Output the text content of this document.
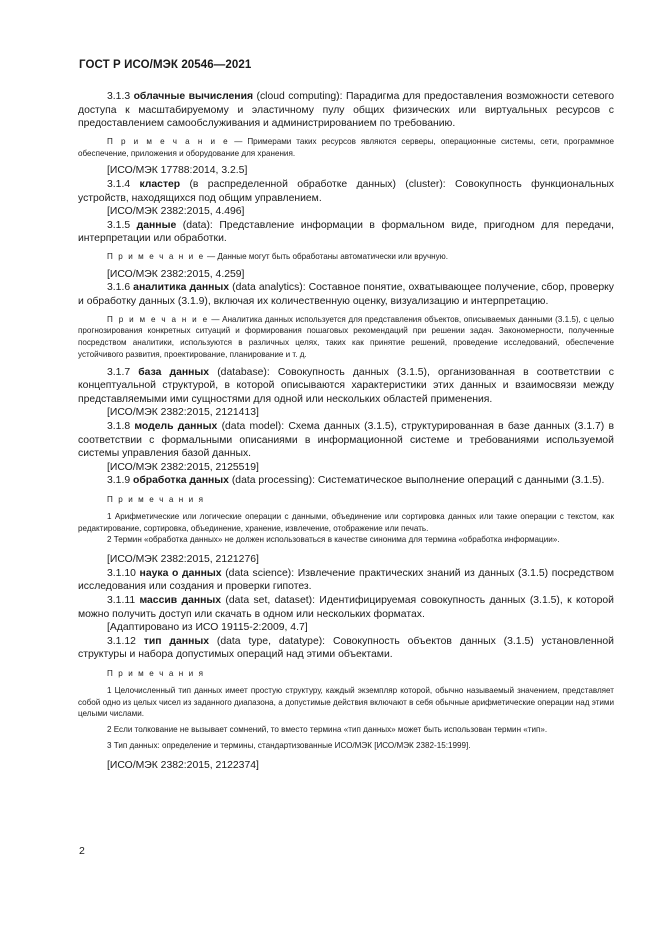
ГОСТ Р ИСО/МЭК 20546—2021

3.1.3 облачные вычисления (cloud computing): Парадигма для предоставления возможности сетевого доступа к масштабируемому и эластичному пулу общих физических или виртуальных ресурсов с предоставлением самообслуживания и администрированием по требованию.

П р и м е ч а н и е — Примерами таких ресурсов являются серверы, операционные системы, сети, программное обеспечение, приложения и оборудование для хранения.

[ИСО/МЭК 17788:2014, 3.2.5]

3.1.4 кластер (в распределенной обработке данных) (cluster): Совокупность функциональных устройств, находящихся под общим управлением.

[ИСО/МЭК 2382:2015, 4.496]

3.1.5 данные (data): Представление информации в формальном виде, пригодном для передачи, интерпретации или обработки.

П р и м е ч а н и е — Данные могут быть обработаны автоматически или вручную.

[ИСО/МЭК 2382:2015, 4.259]

3.1.6 аналитика данных (data analytics): Составное понятие, охватывающее получение, сбор, проверку и обработку данных (3.1.9), включая их количественную оценку, визуализацию и интерпретацию.

П р и м е ч а н и е — Аналитика данных используется для представления объектов, описываемых данными (3.1.5), с целью прогнозирования конкретных ситуаций и формирования пошаговых рекомендаций при решении задач. Закономерности, полученные посредством аналитики, используются в различных целях, таких как принятие решений, проведение исследований, обеспечение устойчивого развития, проектирование, планирование и т. д.

3.1.7 база данных (database): Совокупность данных (3.1.5), организованная в соответствии с концептуальной структурой, в которой описываются характеристики этих данных и взаимосвязи между представляемыми ими сущностями для одной или нескольких областей применения.

[ИСО/МЭК 2382:2015, 2121413]

3.1.8 модель данных (data model): Схема данных (3.1.5), структурированная в базе данных (3.1.7) в соответствии с формальными описаниями в информационной системе и требованиями используемой системы управления базой данных.

[ИСО/МЭК 2382:2015, 2125519]

3.1.9 обработка данных (data processing): Систематическое выполнение операций с данными (3.1.5).

П р и м е ч а н и я

1 Арифметические или логические операции с данными, объединение или сортировка данных или такие операции с текстом, как редактирование, сортировка, объединение, хранение, извлечение, отображение или печать.

2 Термин «обработка данных» не должен использоваться в качестве синонима для термина «обработка информации».

[ИСО/МЭК 2382:2015, 2121276]

3.1.10 наука о данных (data science): Извлечение практических знаний из данных (3.1.5) посредством исследования или создания и проверки гипотез.

3.1.11 массив данных (data set, dataset): Идентифицируемая совокупность данных (3.1.5), к которой можно получить доступ или скачать в одном или нескольких форматах.

[Адаптировано из ИСО 19115-2:2009, 4.7]

3.1.12 тип данных (data type, datatype): Совокупность объектов данных (3.1.5) установленной структуры и набора допустимых операций над этими объектами.

П р и м е ч а н и я

1 Целочисленный тип данных имеет простую структуру, каждый экземпляр которой, обычно называемый значением, представляет собой одно из целых чисел из заданного диапазона, а допустимые действия включают в себя обычные арифметические операции над этими целыми числами.

2 Если толкование не вызывает сомнений, то вместо термина «тип данных» может быть использован термин «тип».

3 Тип данных: определение и термины, стандартизованные ИСО/МЭК [ИСО/МЭК 2382-15:1999].

[ИСО/МЭК 2382:2015, 2122374]

2
